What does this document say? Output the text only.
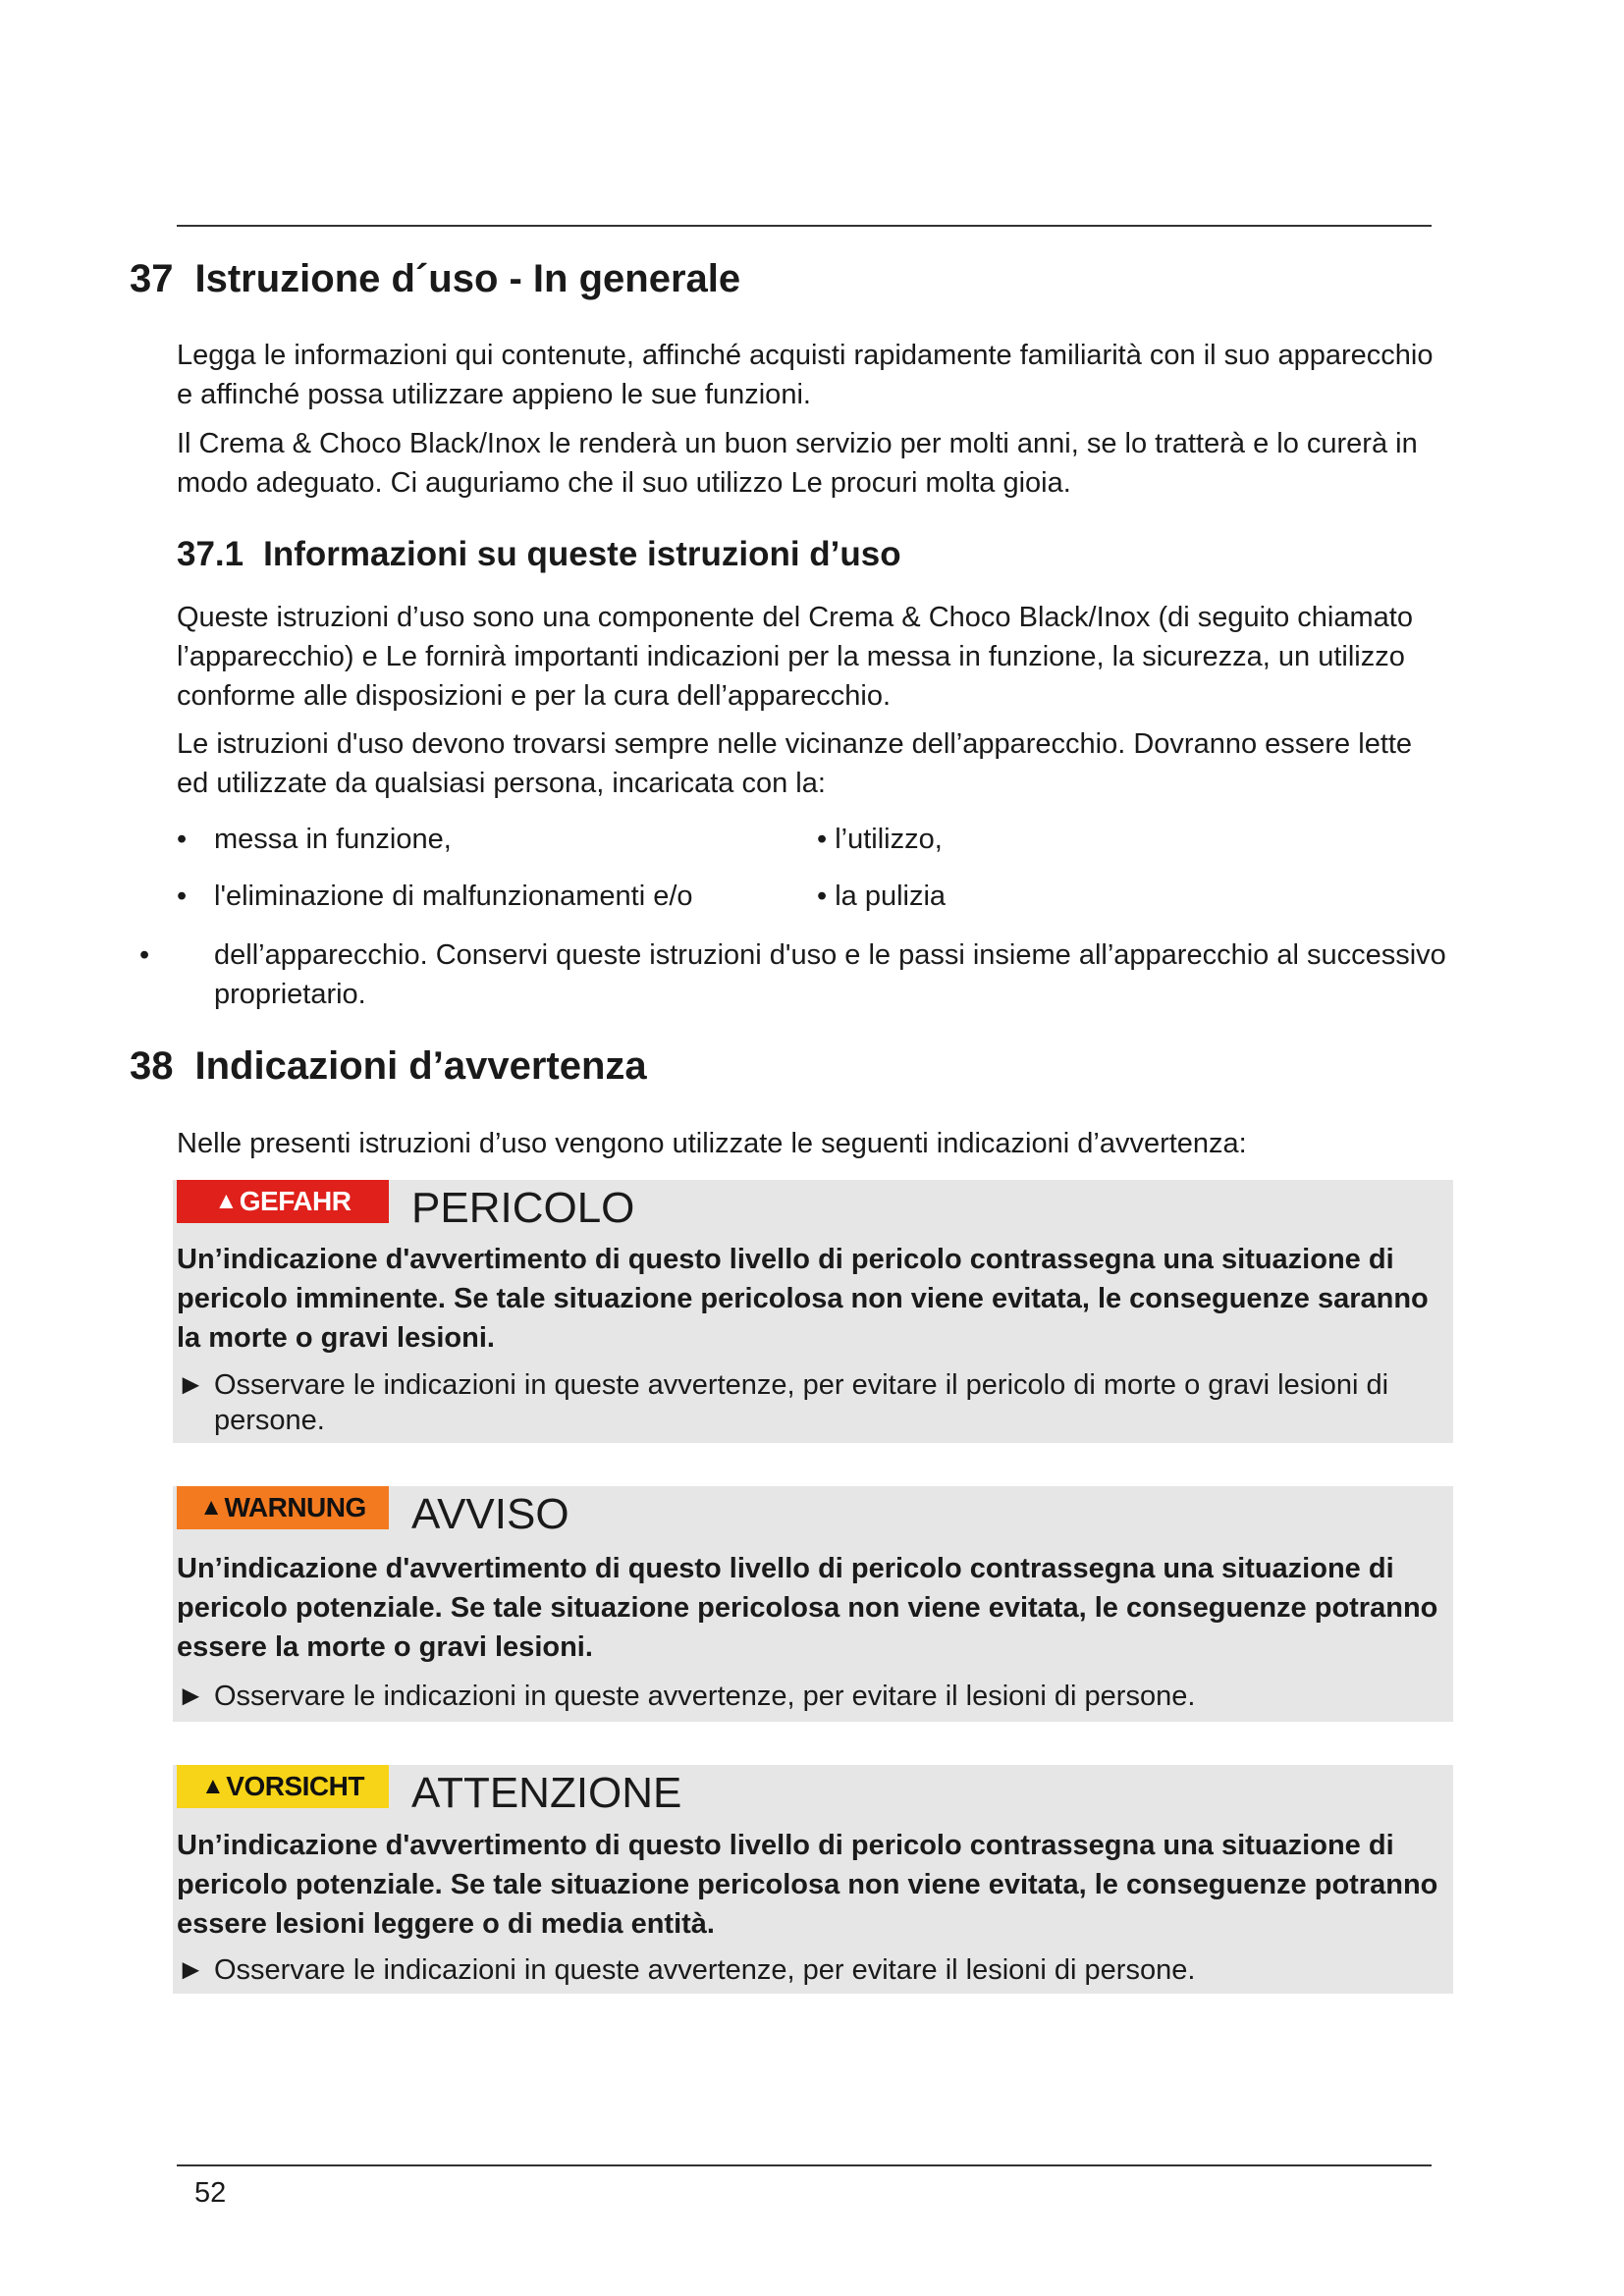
37 Istruzione d´uso - In generale

Legga le informazioni qui contenute, affinché acquisti rapidamente familiarità con il suo apparecchio e affinché possa utilizzare appieno le sue funzioni.

Il Crema & Choco Black/Inox le renderà un buon servizio per molti anni, se lo tratterà e lo curerà in modo adeguato. Ci auguriamo che il suo utilizzo Le procuri molta gioia.

37.1 Informazioni su queste istruzioni d’uso

Queste istruzioni d’uso sono una componente del Crema & Choco Black/Inox (di seguito chiamato l’apparecchio) e Le fornirà importanti indicazioni per la messa in funzione, la sicurezza, un utilizzo conforme alle disposizioni e per la cura dell’apparecchio.

Le istruzioni d'uso devono trovarsi sempre nelle vicinanze dell’apparecchio. Dovranno essere lette ed utilizzate da qualsiasi persona, incaricata con la:

• messa in funzione,	• l’utilizzo,

• l'eliminazione di malfunzionamenti e/o	• la pulizia

• dell’apparecchio. Conservi queste istruzioni d'uso e le passi insieme all’apparecchio al successivo proprietario.

38 Indicazioni d’avvertenza

Nelle presenti istruzioni d’uso vengono utilizzate le seguenti indicazioni d’avvertenza:

▲ GEFAHR PERICOLO

Un’indicazione d'avvertimento di questo livello di pericolo contrassegna una situazione di pericolo imminente. Se tale situazione pericolosa non viene evitata, le conseguenze saranno la morte o gravi lesioni.

► Osservare le indicazioni in queste avvertenze, per evitare il pericolo di morte o gravi lesioni di persone.

▲ WARNUNG AVVISO

Un’indicazione d'avvertimento di questo livello di pericolo contrassegna una situazione di pericolo potenziale. Se tale situazione pericolosa non viene evitata, le conseguenze potranno essere la morte o gravi lesioni.

► Osservare le indicazioni in queste avvertenze, per evitare il lesioni di persone.

▲ VORSICHT ATTENZIONE

Un’indicazione d'avvertimento di questo livello di pericolo contrassegna una situazione di pericolo potenziale. Se tale situazione pericolosa non viene evitata, le conseguenze potranno essere lesioni leggere o di media entità.

► Osservare le indicazioni in queste avvertenze, per evitare il lesioni di persone.

52
